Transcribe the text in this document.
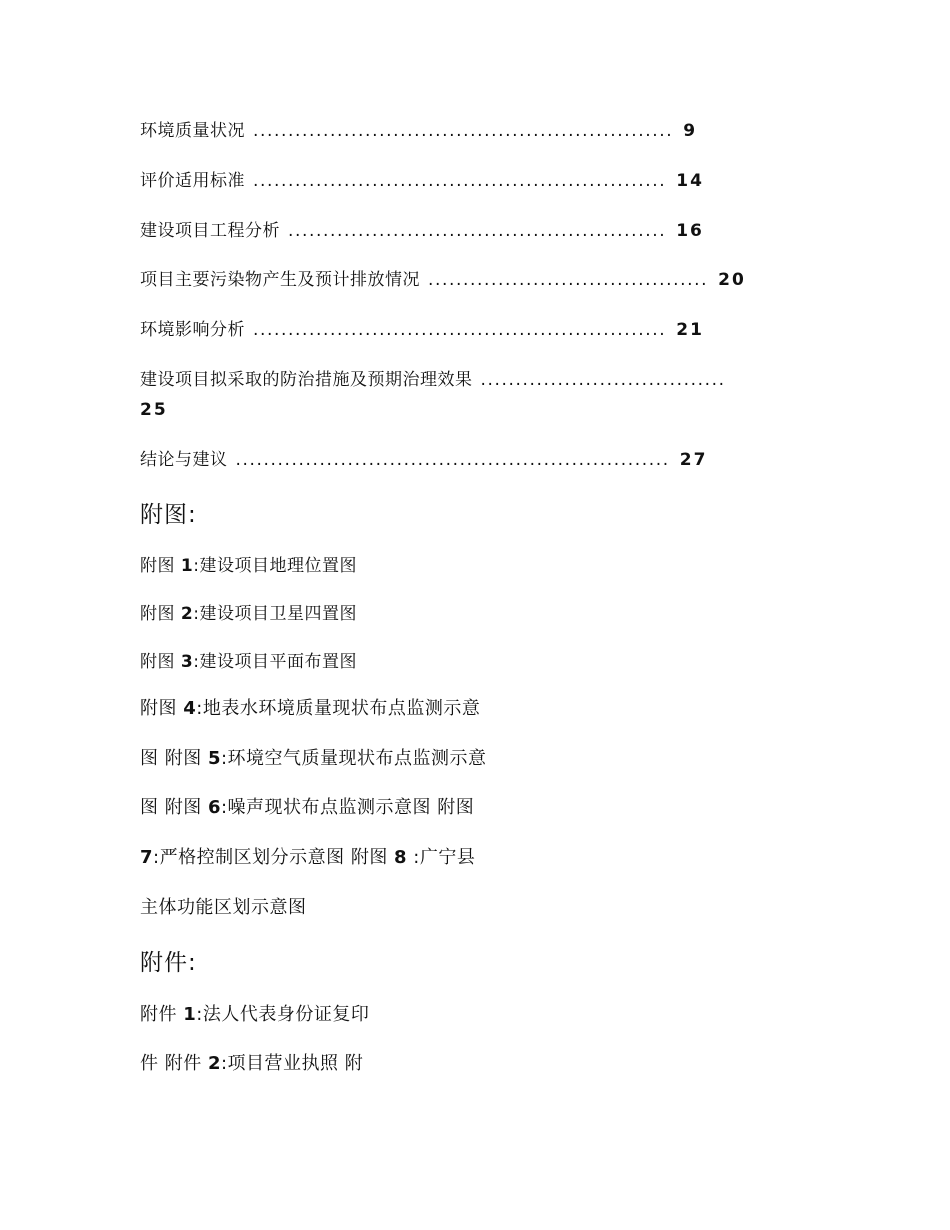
环境质量状况 ............................................................ 9
评价适用标准 ........................................................... 14
建设项目工程分析 ...................................................... 16
项目主要污染物产生及预计排放情况 ........................................ 20
环境影响分析 ........................................................... 21
建设项目拟采取的防治措施及预期治理效果 ...................................
25
结论与建议 .............................................................. 27
附图:
附图 1:建设项目地理位置图
附图 2:建设项目卫星四置图
附图 3:建设项目平面布置图
附图 4:地表水环境质量现状布点监测示意
图 附图 5:环境空气质量现状布点监测示意
图 附图 6:噪声现状布点监测示意图 附图
7:严格控制区划分示意图 附图 8 :广宁县
主体功能区划示意图
附件:
附件 1:法人代表身份证复印
件 附件 2:项目营业执照 附
